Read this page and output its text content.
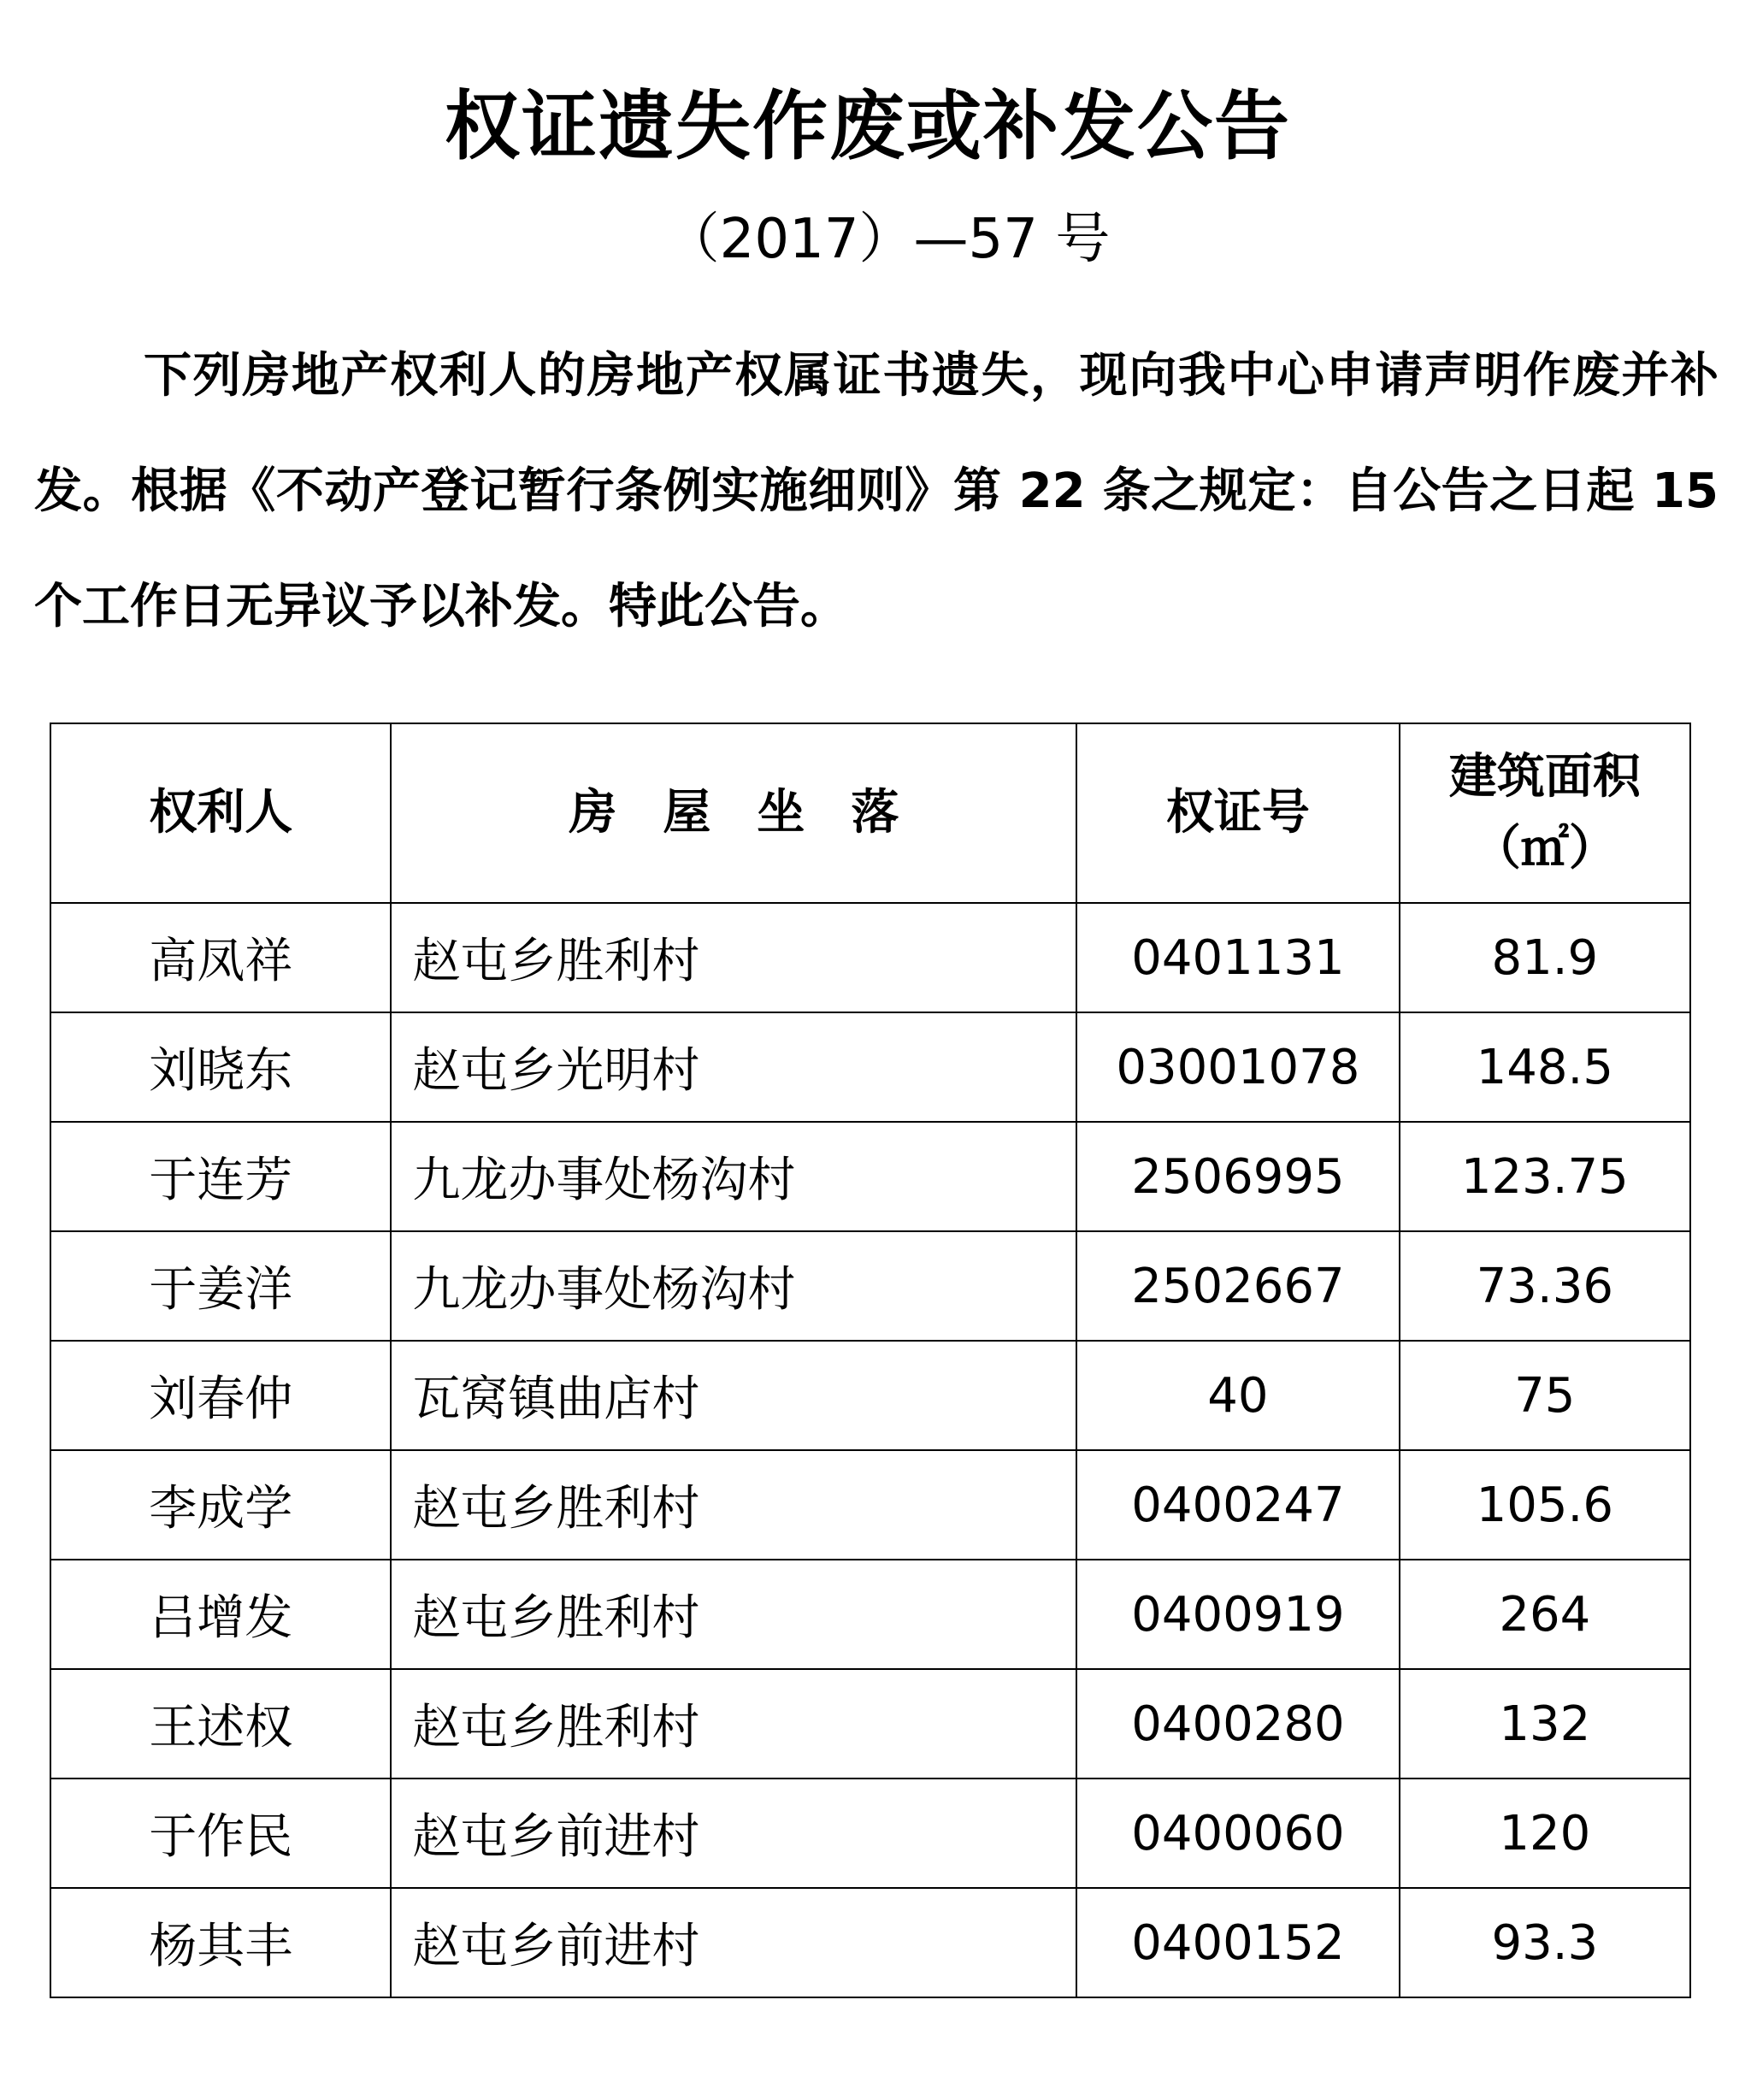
权证遗失作废或补发公告
（2017）—57 号

下列房地产权利人的房地产权属证书遗失，现向我中心申请声明作废并补发。根据《不动产登记暂行条例实施细则》第 22 条之规定：自公告之日起 15 个工作日无异议予以补发。特此公告。

权利人	房屋坐落	权证号	建筑面积
（㎡）

高凤祥	赵屯乡胜利村	0401131	81.9
刘晓东	赵屯乡光明村	03001078	148.5
于连芳	九龙办事处杨沟村	2506995	123.75
于姜洋	九龙办事处杨沟村	2502667	73.36
刘春仲	瓦窝镇曲店村	40	75
李成学	赵屯乡胜利村	0400247	105.6
吕增发	赵屯乡胜利村	0400919	264
王述权	赵屯乡胜利村	0400280	132
于作民	赵屯乡前进村	0400060	120
杨其丰	赵屯乡前进村	0400152	93.3
